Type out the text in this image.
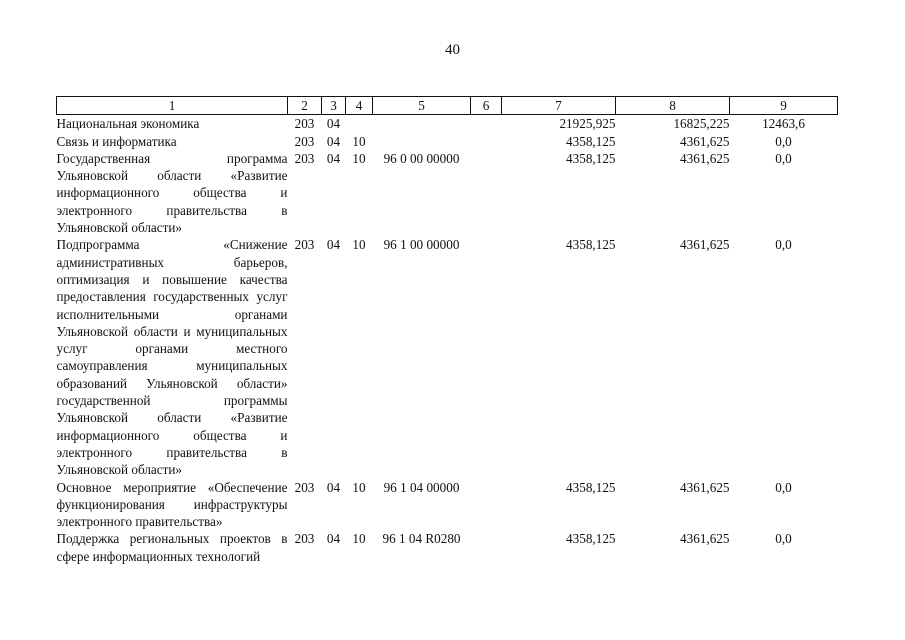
40
1	2	3	4	5	6	7	8	9
Национальная экономика	203	04				21925,925	16825,225	12463,6
Связь и информатика	203	04	10			4358,125	4361,625	0,0
Государственная программа Ульяновской области «Развитие информационного общества и электронного правительства в Ульяновской области»	203	04	10	96 0 00 00000		4358,125	4361,625	0,0
Подпрограмма «Снижение административных барьеров, оптимизация и повышение качества предоставления государственных услуг исполнительными органами Ульяновской области и муниципальных услуг органами местного самоуправления муниципальных образований Ульяновской области» государственной программы Ульяновской области «Развитие информационного общества и электронного правительства в Ульяновской области»	203	04	10	96 1 00 00000		4358,125	4361,625	0,0
Основное мероприятие «Обеспечение функционирования инфраструктуры электронного правительства»	203	04	10	96 1 04 00000		4358,125	4361,625	0,0
Поддержка региональных проектов в сфере информационных технологий	203	04	10	96 1 04 R0280		4358,125	4361,625	0,0
